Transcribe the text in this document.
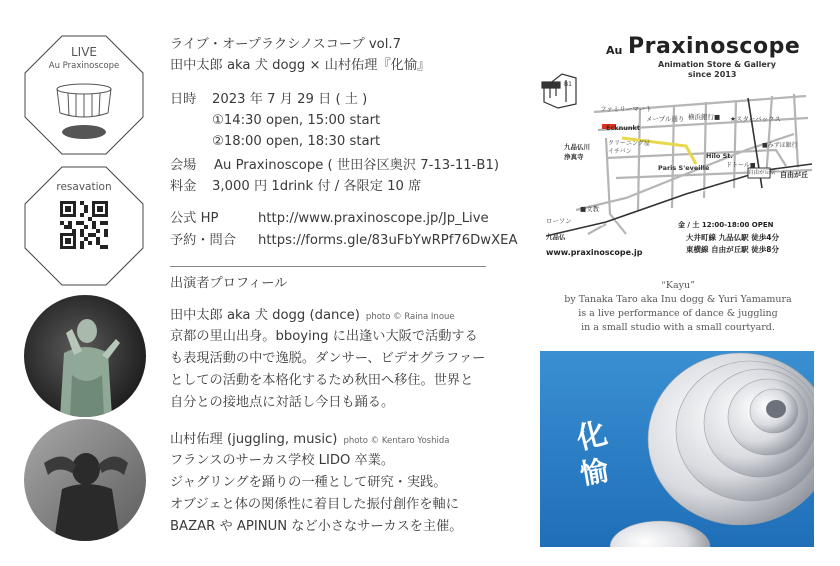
LIVE
Au Praxinoscope
resavation
ライブ・オープラクシノスコープ vol.7
田中太郎 aka 犬 dogg × 山村佑理『化愉』
日時 2023 年 7 月 29 日 ( 土 )
①14:30 open, 15:00 start
②18:00 open, 18:30 start
会場 Au Praxinoscope ( 世田谷区奥沢 7-13-11-B1)
料金 3,000 円 1drink 付 / 各限定 10 席
公式 HP	http://www.praxinoscope.jp/Jp_Live
予約・問合 https://forms.gle/83uFbYwRPf76DwXEA
出演者プロフィール
田中太郎 aka 犬 dogg (dance) photo © Raina Inoue
京都の里山出身。bboying に出逢い大阪で活動する
も表現活動の中で逸脱。ダンサー、ビデオグラファー
としての活動を本格化するため秋田へ移住。世界と
自分との接地点に対話し今日も踊る。
山村佑理 (juggling, music) photo © Kentaro Yoshida
フランスのサーカス学校 LIDO 卒業。
ジャグリングを踊りの一種として研究・実践。
オブジェと体の関係性に着目した振付創作を軸に
BAZAR や APINUN など小さなサーカスを主催。
Au Praxinoscope
Animation Store & Gallery
since 2013
B1
ファミリーマート
メープル通り 横浜銀行■ ★スターバックス
Ecknunkt
クリーニング屋
イチバン
Hilo St.
Paris S'eveille
■みずほ銀行
ドトール■
九品仏川
浄真寺
■文教
ローソン
九品仏
自由が丘駅 自由が丘
金 / 土 12:00-18:00 OPEN
大井町線 九品仏駅 徒歩4分
東横線 自由が丘駅 徒歩8分
www.praxinoscope.jp
“Kayu”
by Tanaka Taro aka Inu dogg & Yuri Yamamura
is a live performance of dance & juggling
in a small studio with a small courtyard.
化
愉
